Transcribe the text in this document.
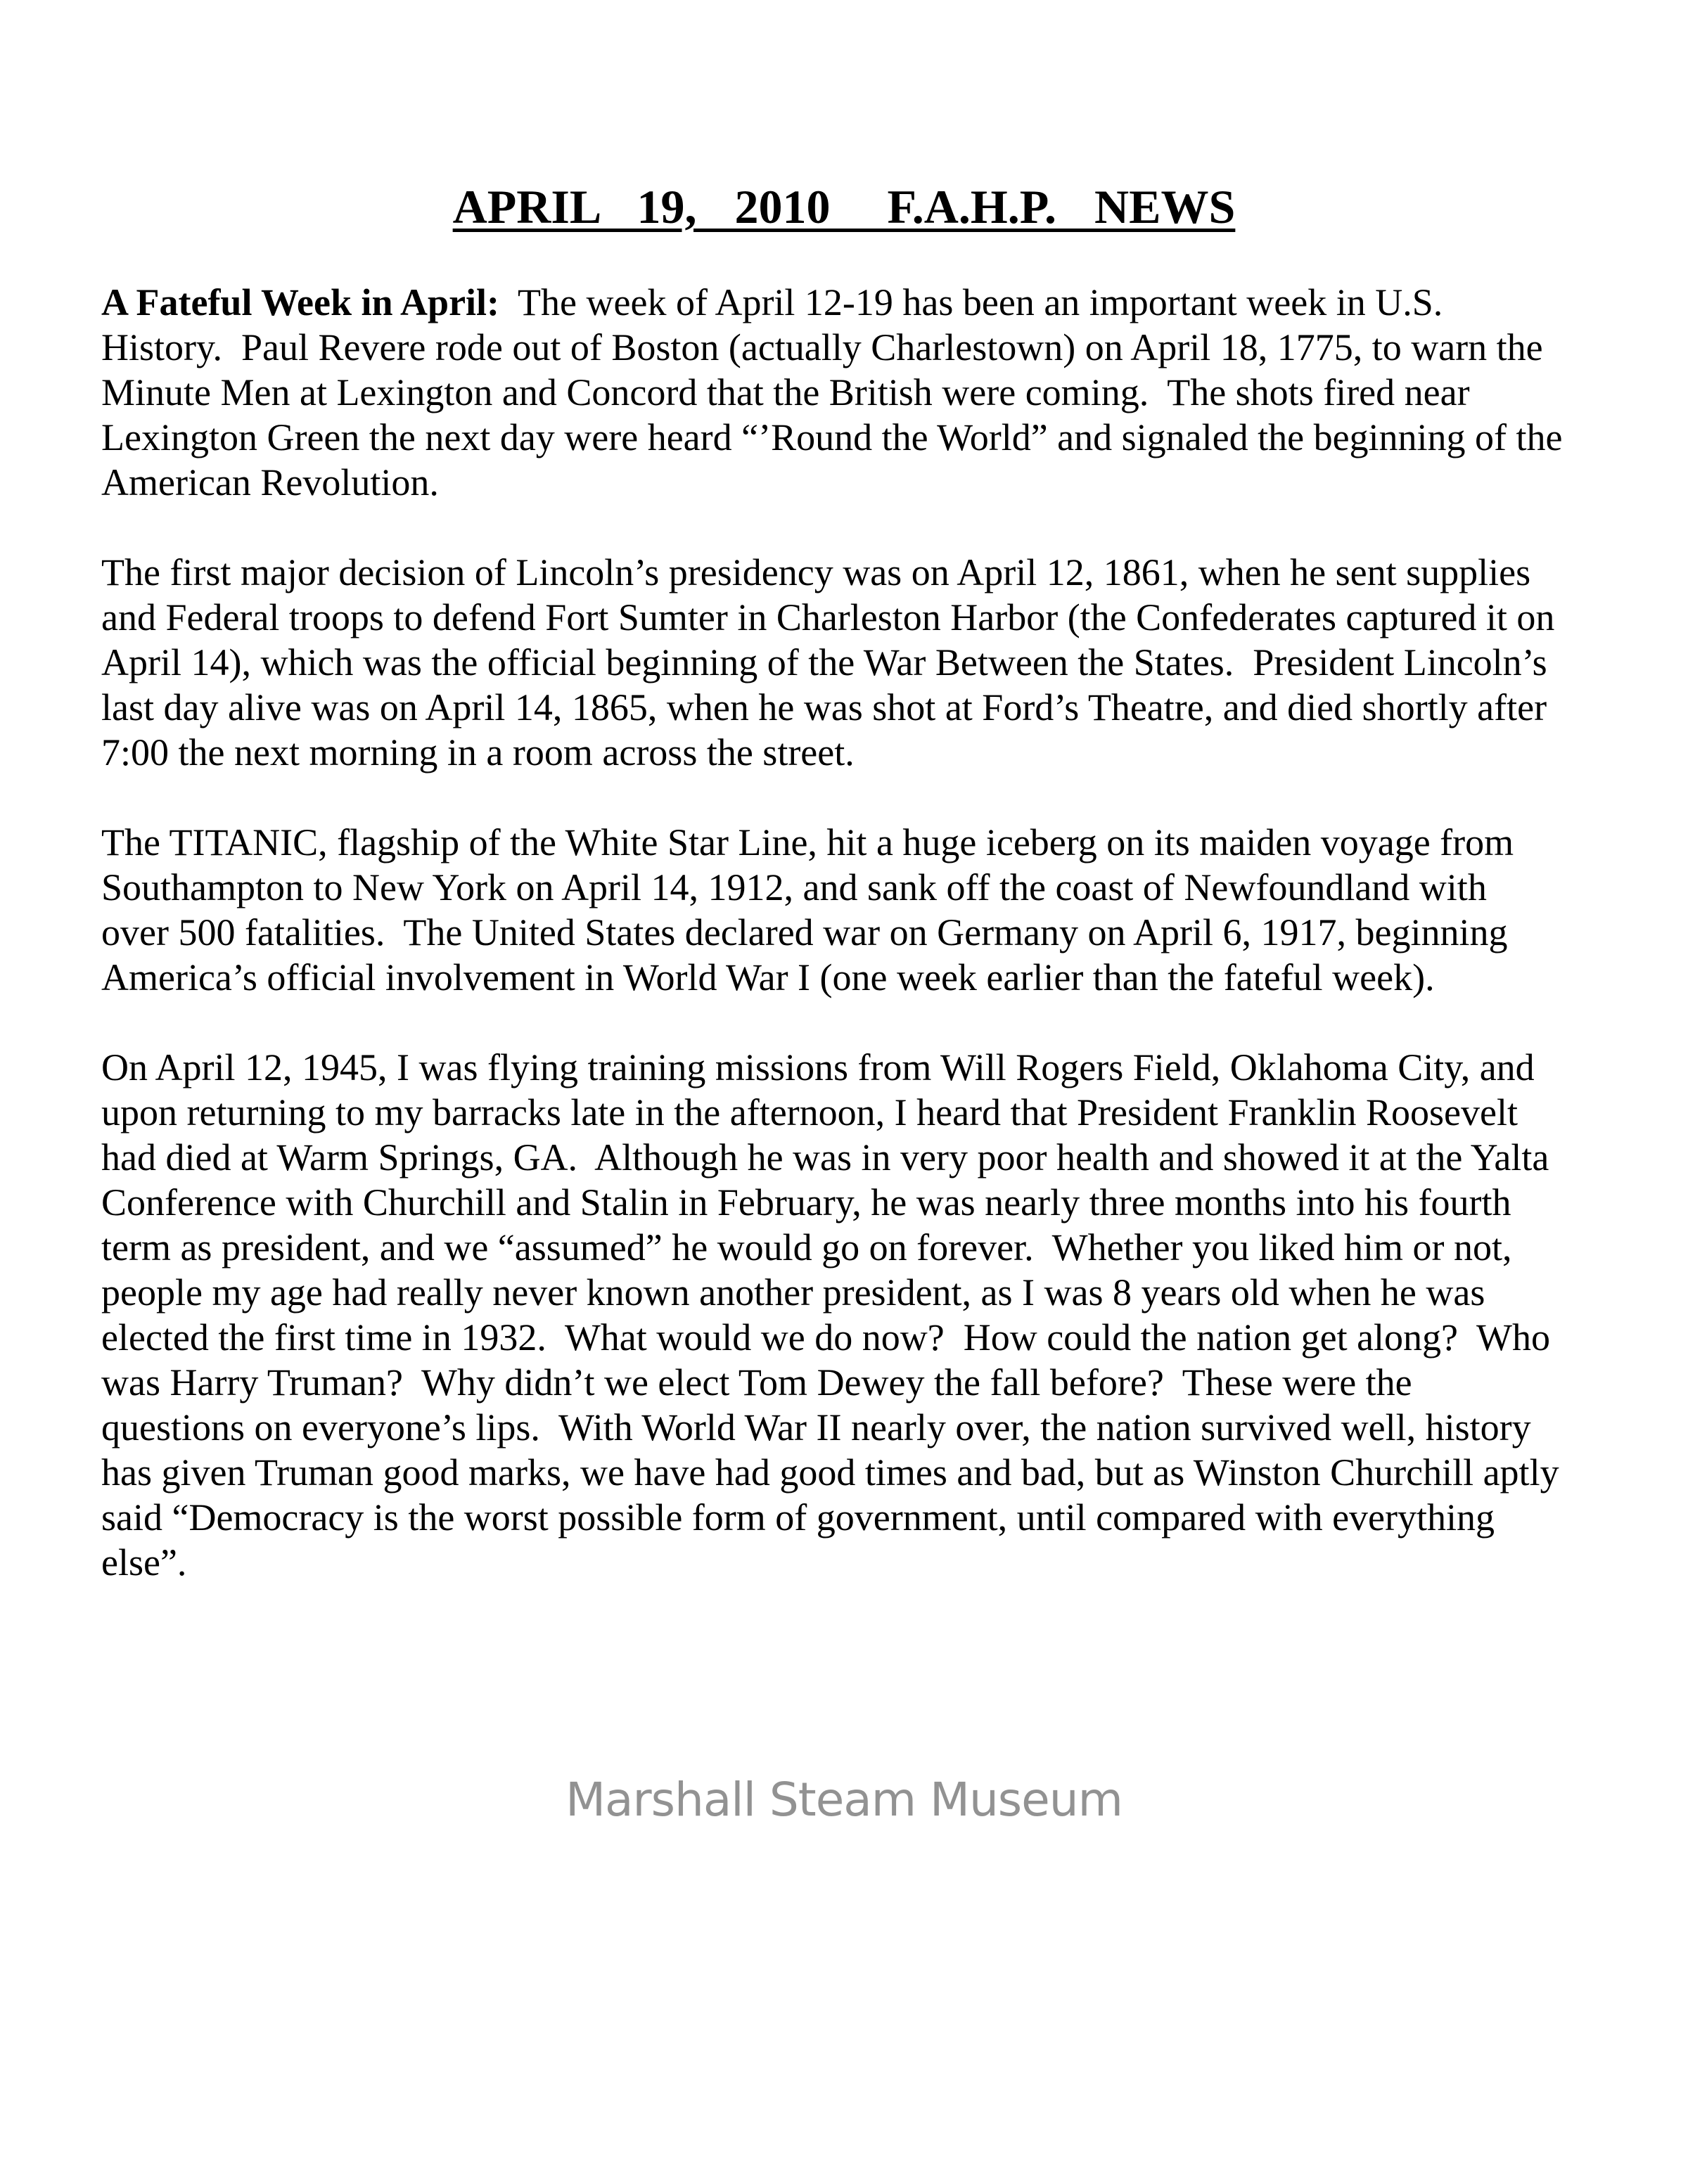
APRIL  19,  2010   F.A.H.P.  NEWS
A Fateful Week in April:  The week of April 12-19 has been an important week in U.S.
History.  Paul Revere rode out of Boston (actually Charlestown) on April 18, 1775, to warn the
Minute Men at Lexington and Concord that the British were coming.  The shots fired near
Lexington Green the next day were heard “’Round the World” and signaled the beginning of the
American Revolution.
The first major decision of Lincoln’s presidency was on April 12, 1861, when he sent supplies
and Federal troops to defend Fort Sumter in Charleston Harbor (the Confederates captured it on
April 14), which was the official beginning of the War Between the States.  President Lincoln’s
last day alive was on April 14, 1865, when he was shot at Ford’s Theatre, and died shortly after
7:00 the next morning in a room across the street.
The TITANIC, flagship of the White Star Line, hit a huge iceberg on its maiden voyage from
Southampton to New York on April 14, 1912, and sank off the coast of Newfoundland with
over 500 fatalities.  The United States declared war on Germany on April 6, 1917, beginning
America’s official involvement in World War I (one week earlier than the fateful week).
On April 12, 1945, I was flying training missions from Will Rogers Field, Oklahoma City, and
upon returning to my barracks late in the afternoon, I heard that President Franklin Roosevelt
had died at Warm Springs, GA.  Although he was in very poor health and showed it at the Yalta
Conference with Churchill and Stalin in February, he was nearly three months into his fourth
term as president, and we “assumed” he would go on forever.  Whether you liked him or not,
people my age had really never known another president, as I was 8 years old when he was
elected the first time in 1932.  What would we do now?  How could the nation get along?  Who
was Harry Truman?  Why didn’t we elect Tom Dewey the fall before?  These were the
questions on everyone’s lips.  With World War II nearly over, the nation survived well, history
has given Truman good marks, we have had good times and bad, but as Winston Churchill aptly
said “Democracy is the worst possible form of government, until compared with everything
else”.
Marshall Steam Museum
